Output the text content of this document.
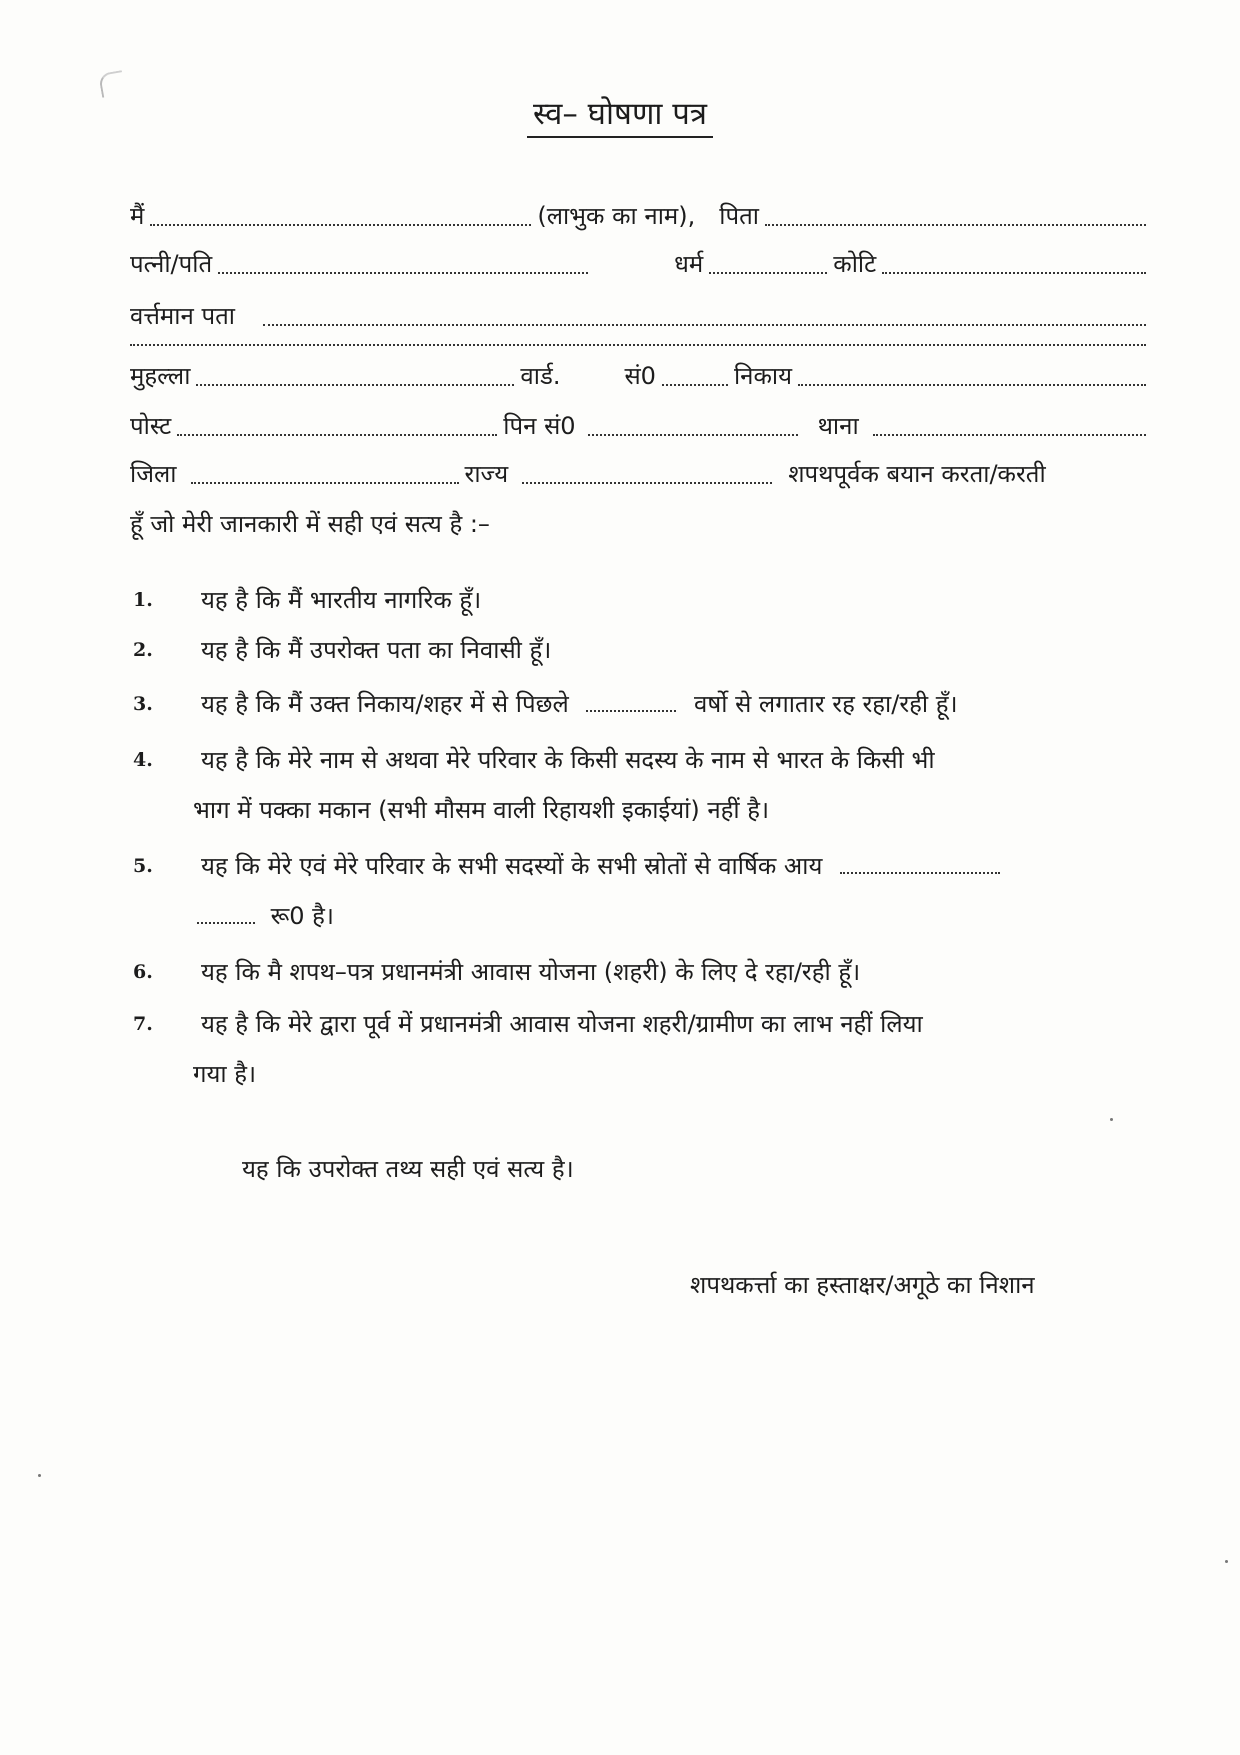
स्व– घोषणा पत्र
मैं	(लाभुक का नाम), पिता
पत्नी/पति	धर्म	कोटि
वर्त्तमान पता
मुहल्ला	वार्ड.	सं0	निकाय
पोस्ट	पिन सं0	थाना
जिला	राज्य	शपथपूर्वक बयान करता/करती
हूँ जो मेरी जानकारी में सही एवं सत्य है :–
1. यह है कि मैं भारतीय नागरिक हूँ।
2. यह है कि मैं उपरोक्त पता का निवासी हूँ।
3. यह है कि मैं उक्त निकाय/शहर में से पिछले	वर्षो से लगातार रह रहा/रही हूँ।
4. यह है कि मेरे नाम से अथवा मेरे परिवार के किसी सदस्य के नाम से भारत के किसी भी
भाग में पक्का मकान (सभी मौसम वाली रिहायशी इकाईयां) नहीं है।
5. यह कि मेरे एवं मेरे परिवार के सभी सदस्यों के सभी स्रोतों से वार्षिक आय
रू0 है।
6. यह कि मै शपथ–पत्र प्रधानमंत्री आवास योजना (शहरी) के लिए दे रहा/रही हूँ।
7. यह है कि मेरे द्वारा पूर्व में प्रधानमंत्री आवास योजना शहरी/ग्रामीण का लाभ नहीं लिया
गया है।
यह कि उपरोक्त तथ्य सही एवं सत्य है।
शपथकर्त्ता का हस्ताक्षर/अगूठे का निशान
